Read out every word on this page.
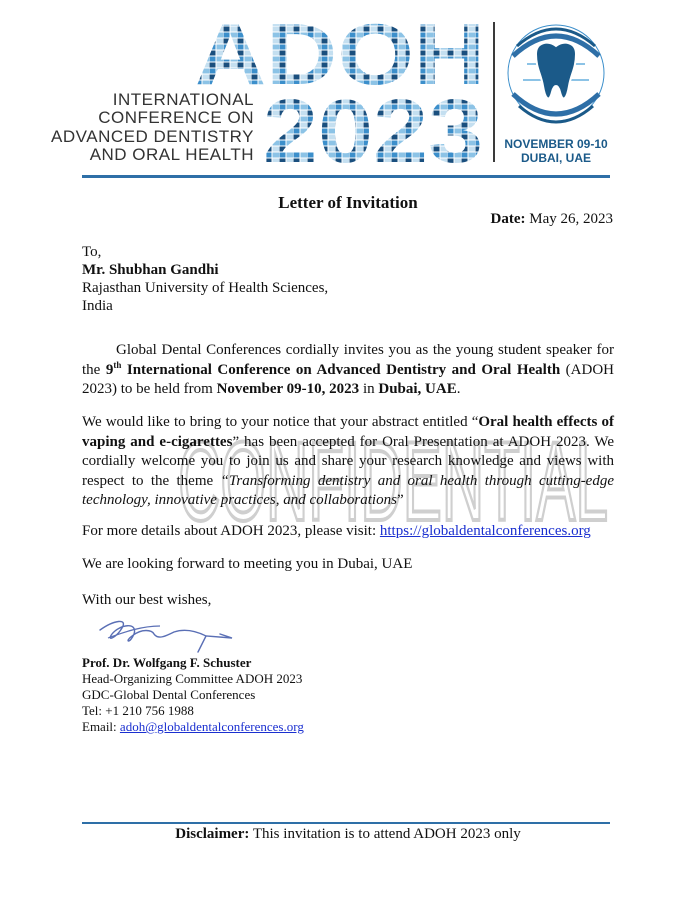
ADOH
2023
INTERNATIONAL
CONFERENCE ON
ADVANCED DENTISTRY
AND ORAL HEALTH
NOVEMBER 09-10
DUBAI, UAE
CONFIDENTIAL
Letter of Invitation
Date: May 26, 2023
To,
Mr. Shubhan Gandhi
Rajasthan University of Health Sciences,
India
Global Dental Conferences cordially invites you as the young student speaker for the 9th International Conference on Advanced Dentistry and Oral Health (ADOH 2023) to be held from November 09-10, 2023 in Dubai, UAE.
We would like to bring to your notice that your abstract entitled “Oral health effects of vaping and e-cigarettes” has been accepted for Oral Presentation at ADOH 2023. We cordially welcome you to join us and share your research knowledge and views with respect to the theme “Transforming dentistry and oral health through cutting-edge technology, innovative practices, and collaborations”
For more details about ADOH 2023, please visit: https://globaldentalconferences.org
We are looking forward to meeting you in Dubai, UAE
With our best wishes,
Prof. Dr. Wolfgang F. Schuster
Head-Organizing Committee ADOH 2023
GDC-Global Dental Conferences
Tel: +1 210 756 1988
Email: adoh@globaldentalconferences.org
Disclaimer: This invitation is to attend ADOH 2023 only
